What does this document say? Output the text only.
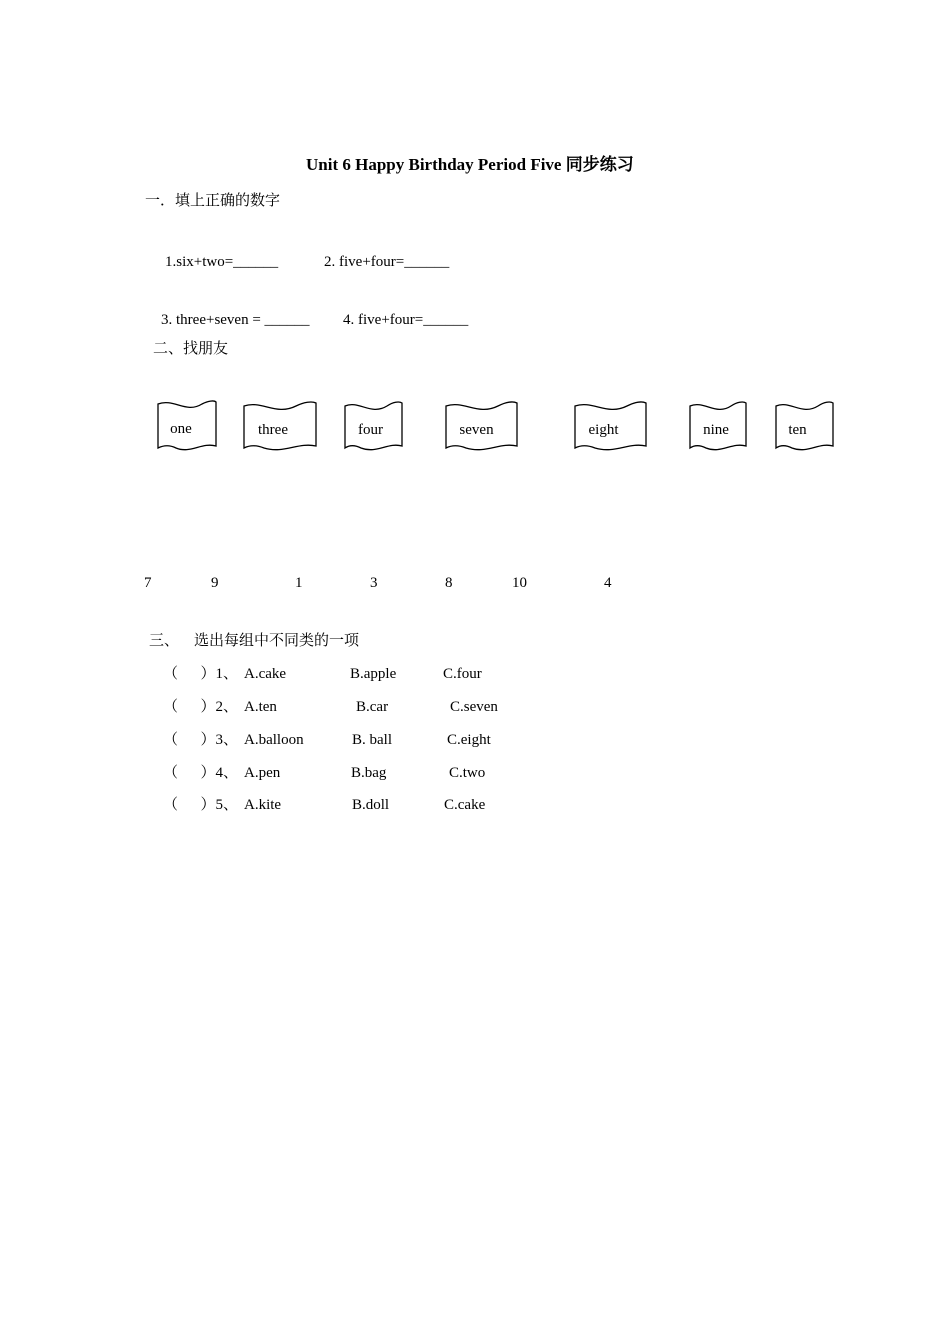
Unit 6 Happy Birthday Period Five 同步练习
一．填上正确的数字
1.six+two=______	2. five+four=______
3. three+seven = ______ 4. five+four=______
二、找朋友
one	three	four	seven	eight	nine	ten
7	9	1	3	8	10	4
三、    选出每组中不同类的一项
（      ）1、 A.cake	B.apple	C.four
（      ）2、 A.ten	B.car	C.seven
（      ）3、 A.balloon	B. ball	C.eight
（      ）4、 A.pen	B.bag	C.two
（      ）5、 A.kite	B.doll	C.cake
